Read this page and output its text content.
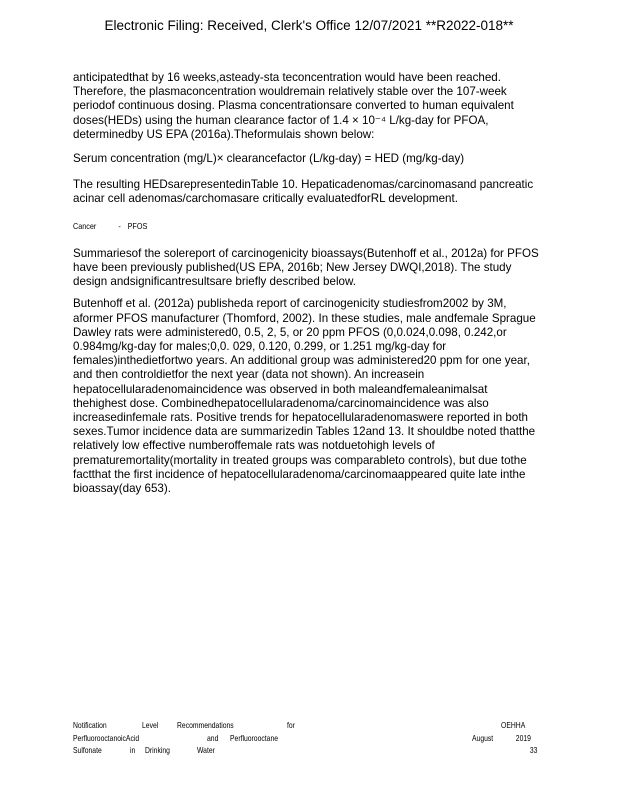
Electronic Filing: Received, Clerk's Office 12/07/2021 **R2022-018**

anticipatedthat by 16 weeks,asteady-sta teconcentration would have been reached. Therefore, the plasmaconcentration wouldremain relatively stable over the 107-week periodof continuous dosing. Plasma concentrationsare converted to human equivalent doses(HEDs) using the human clearance factor of 1.4 × 10⁻⁴ L/kg-day for PFOA, determinedby US EPA (2016a).Theformulais shown below:

Serum concentration (mg/L)× clearancefactor (L/kg-day) = HED (mg/kg-day)

The resulting HEDsarepresentedinTable 10. Hepaticadenomas/carcinomasand pancreatic acinar cell adenomas/carchomasare critically evaluatedforRL development.

Cancer	- PFOS

Summariesof the solereport of carcinogenicity bioassays(Butenhoff et al., 2012a) for PFOS have been previously published(US EPA, 2016b; New Jersey DWQI,2018). The study design andsignificantresultsare briefly described below.

Butenhoff et al. (2012a) publisheda report of carcinogenicity studiesfrom2002 by 3M, aformer PFOS manufacturer (Thomford, 2002). In these studies, male andfemale Sprague Dawley rats were administered0, 0.5, 2, 5, or 20 ppm PFOS (0,0.024,0.098, 0.242,or 0.984mg/kg-day for males;0,0. 029, 0.120, 0.299, or 1.251 mg/kg-day for females)inthedietfortwo years. An additional group was administered20 ppm for one year, and then controldietfor the next year (data not shown). An increasein hepatocellularadenomaincidence was observed in both maleandfemaleanimalsat thehighest dose. Combinedhepatocellularadenoma/carcinomaincidence was also increasedinfemale rats. Positive trends for hepatocellularadenomaswere reported in both sexes.Tumor incidence data are summarizedin Tables 12and 13. It shouldbe noted thatthe relatively low effective numberoffemale rats was notduetohigh levels of prematuremortality(mortality in treated groups was comparableto controls), but due tothe factthat the first incidence of hepatocellularadenoma/carcinomaappeared quite late inthe bioassay(day 653).

Notification	Level Recommendations	for	OEHHA
PerfluorooctanoicAcid	and Perfluorooctane	August	2019
Sulfonate	in Drinking	Water	33
